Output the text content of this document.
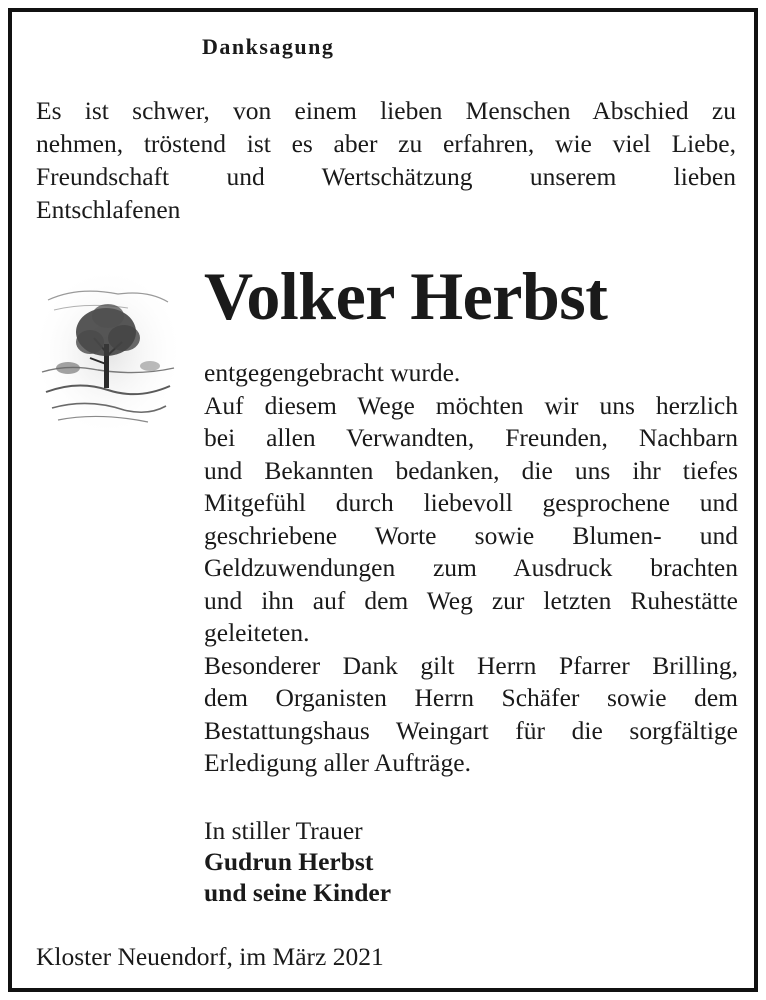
Danksagung
Es ist schwer, von einem lieben Menschen Abschied zu
nehmen, tröstend ist es aber zu erfahren, wie viel Liebe,
Freundschaft und Wertschätzung unserem lieben
Entschlafenen
Volker Herbst
entgegengebracht wurde.
Auf diesem Wege möchten wir uns herzlich
bei allen Verwandten, Freunden, Nachbarn
und Bekannten bedanken, die uns ihr tiefes
Mitgefühl durch liebevoll gesprochene und
geschriebene Worte sowie Blumen- und
Geldzuwendungen zum Ausdruck brachten
und ihn auf dem Weg zur letzten Ruhestätte
geleiteten.
Besonderer Dank gilt Herrn Pfarrer Brilling,
dem Organisten Herrn Schäfer sowie dem
Bestattungshaus Weingart für die sorgfältige
Erledigung aller Aufträge.
In stiller Trauer
Gudrun Herbst
und seine Kinder
Kloster Neuendorf, im März 2021
